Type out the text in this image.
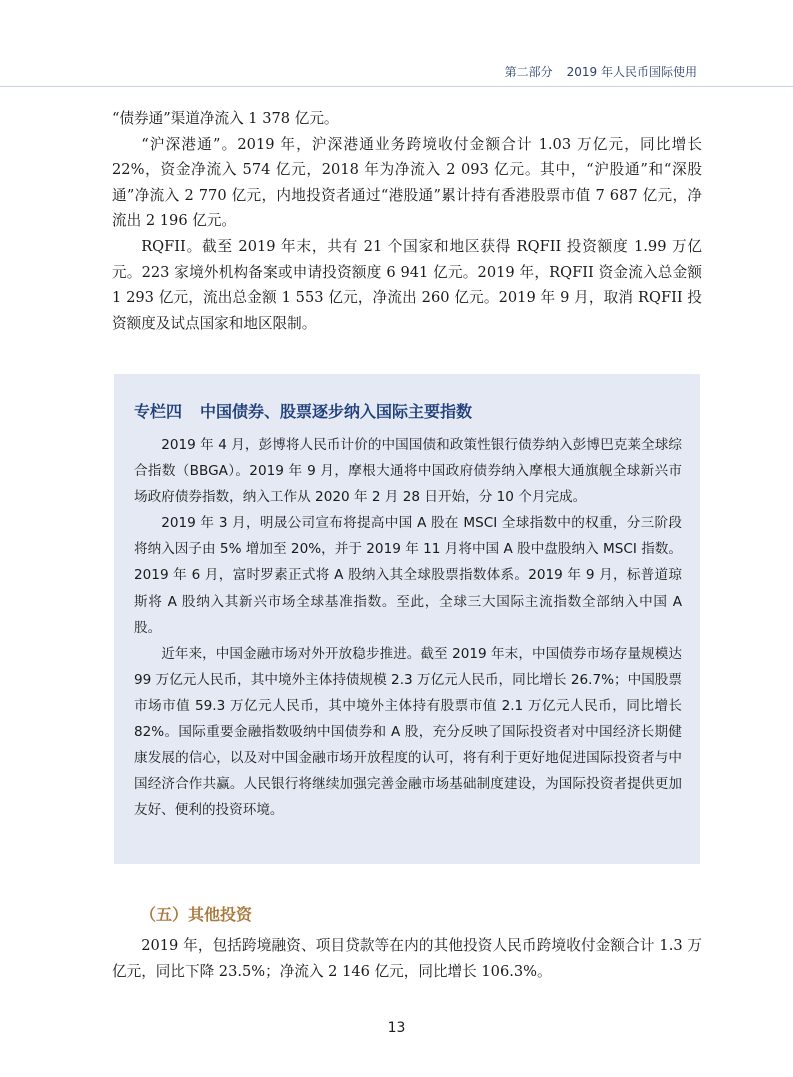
第二部分 2019 年人民币国际使用

“债券通”渠道净流入 1 378 亿元。

“沪深港通”。2019 年，沪深港通业务跨境收付金额合计 1.03 万亿元，同比增长 22%，资金净流入 574 亿元，2018 年为净流入 2 093 亿元。其中，“沪股通”和“深股通”净流入 2 770 亿元，内地投资者通过“港股通”累计持有香港股票市值 7 687 亿元，净流出 2 196 亿元。

RQFII。截至 2019 年末，共有 21 个国家和地区获得 RQFII 投资额度 1.99 万亿元。223 家境外机构备案或申请投资额度 6 941 亿元。2019 年，RQFII 资金流入总金额 1 293 亿元，流出总金额 1 553 亿元，净流出 260 亿元。2019 年 9 月，取消 RQFII 投资额度及试点国家和地区限制。

专栏四 中国债券、股票逐步纳入国际主要指数

2019 年 4 月，彭博将人民币计价的中国国债和政策性银行债券纳入彭博巴克莱全球综合指数（BBGA）。2019 年 9 月，摩根大通将中国政府债券纳入摩根大通旗舰全球新兴市场政府债券指数，纳入工作从 2020 年 2 月 28 日开始，分 10 个月完成。

2019 年 3 月，明晟公司宣布将提高中国 A 股在 MSCI 全球指数中的权重，分三阶段将纳入因子由 5% 增加至 20%，并于 2019 年 11 月将中国 A 股中盘股纳入 MSCI 指数。2019 年 6 月，富时罗素正式将 A 股纳入其全球股票指数体系。2019 年 9 月，标普道琼斯将 A 股纳入其新兴市场全球基准指数。至此，全球三大国际主流指数全部纳入中国 A 股。

近年来，中国金融市场对外开放稳步推进。截至 2019 年末，中国债券市场存量规模达 99 万亿元人民币，其中境外主体持债规模 2.3 万亿元人民币，同比增长 26.7%；中国股票市场市值 59.3 万亿元人民币，其中境外主体持有股票市值 2.1 万亿元人民币，同比增长 82%。国际重要金融指数吸纳中国债券和 A 股，充分反映了国际投资者对中国经济长期健康发展的信心，以及对中国金融市场开放程度的认可，将有利于更好地促进国际投资者与中国经济合作共赢。人民银行将继续加强完善金融市场基础制度建设，为国际投资者提供更加友好、便利的投资环境。

（五）其他投资

2019 年，包括跨境融资、项目贷款等在内的其他投资人民币跨境收付金额合计 1.3 万亿元，同比下降 23.5%；净流入 2 146 亿元，同比增长 106.3%。

13
